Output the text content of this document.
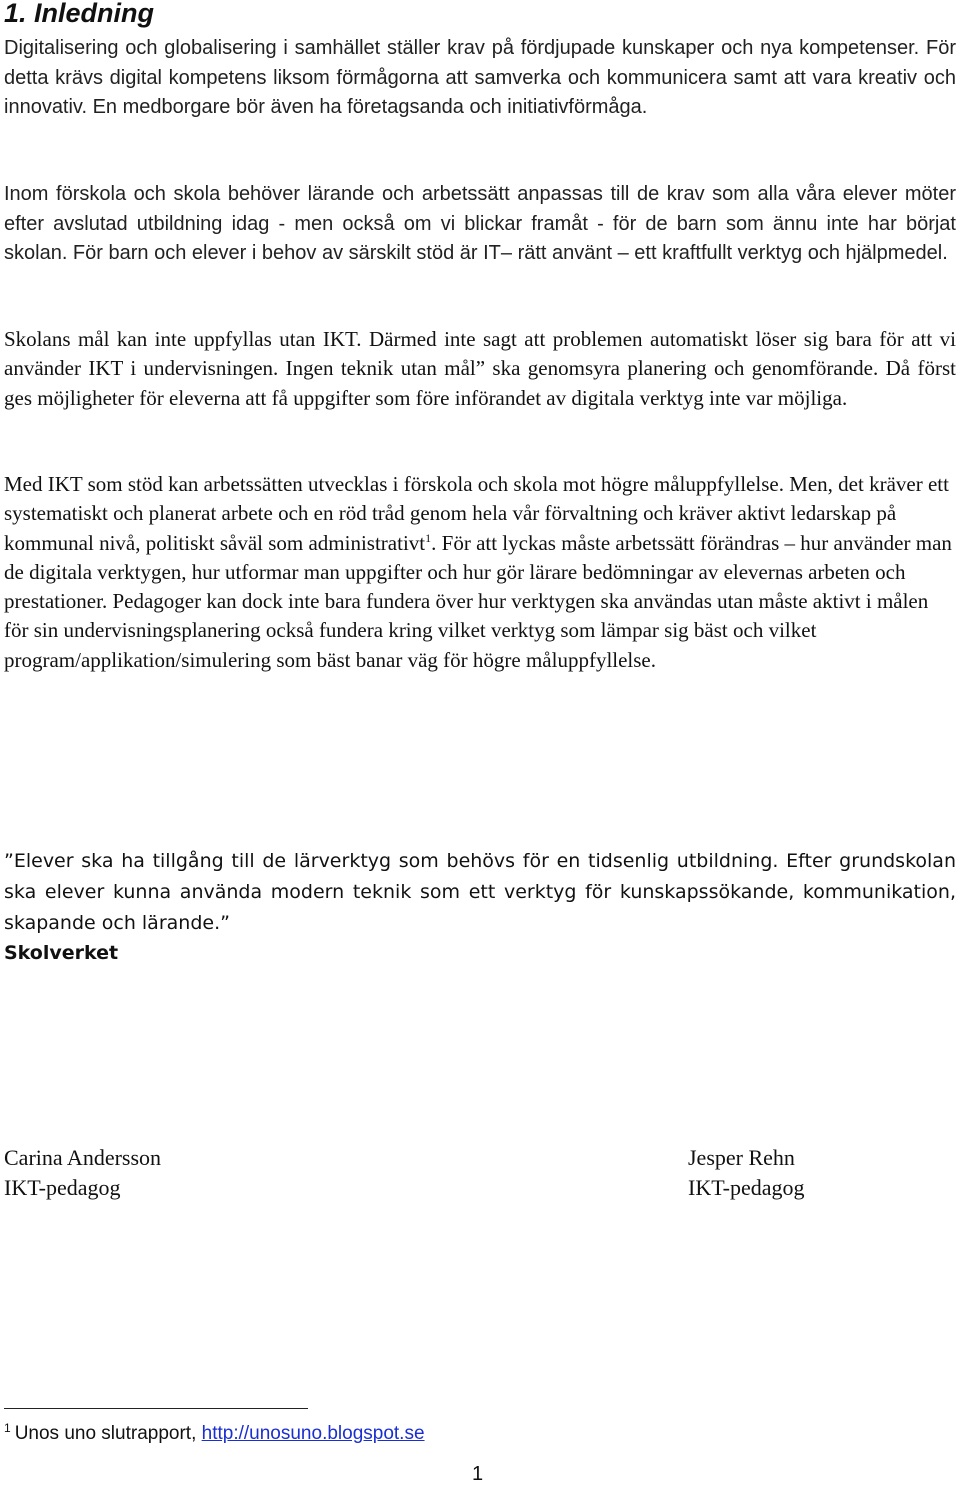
1. Inledning

Digitalisering och globalisering i samhället ställer krav på fördjupade kunskaper och nya kompetenser. För detta krävs digital kompetens liksom förmågorna att samverka och kommunicera samt att vara kreativ och innovativ. En medborgare bör även ha företagsanda och initiativförmåga.

Inom förskola och skola behöver lärande och arbetssätt anpassas till de krav som alla våra elever möter efter avslutad utbildning idag - men också om vi blickar framåt - för de barn som ännu inte har börjat skolan. För barn och elever i behov av särskilt stöd är IT– rätt använt – ett kraftfullt verktyg och hjälpmedel.

Skolans mål kan inte uppfyllas utan IKT. Därmed inte sagt att problemen automatiskt löser sig bara för att vi använder IKT i undervisningen. Ingen teknik utan mål” ska genomsyra planering och genomförande. Då först ges möjligheter för eleverna att få uppgifter som före införandet av digitala verktyg inte var möjliga.

Med IKT som stöd kan arbetssätten utvecklas i förskola och skola mot högre måluppfyllelse. Men, det kräver ett systematiskt och planerat arbete och en röd tråd genom hela vår förvaltning och kräver aktivt ledarskap på kommunal nivå, politiskt såväl som administrativt$^1$. För att lyckas måste arbetssätt förändras – hur använder man de digitala verktygen, hur utformar man uppgifter och hur gör lärare bedömningar av elevernas arbeten och prestationer. Pedagoger kan dock inte bara fundera över hur verktygen ska användas utan måste aktivt i målen för sin undervisningsplanering också fundera kring vilket verktyg som lämpar sig bäst och vilket program/applikation/simulering som bäst banar väg för högre måluppfyllelse.

”Elever ska ha tillgång till de lärverktyg som behövs för en tidsenlig utbildning. Efter grundskolan ska elever kunna använda modern teknik som ett verktyg för kunskapssökande, kommunikation, skapande och lärande.”

Skolverket

Carina Andersson
IKT-pedagog
Jesper Rehn
IKT-pedagog
$^1$ Unos uno slutrapport, http://unosuno.blogspot.se
1
